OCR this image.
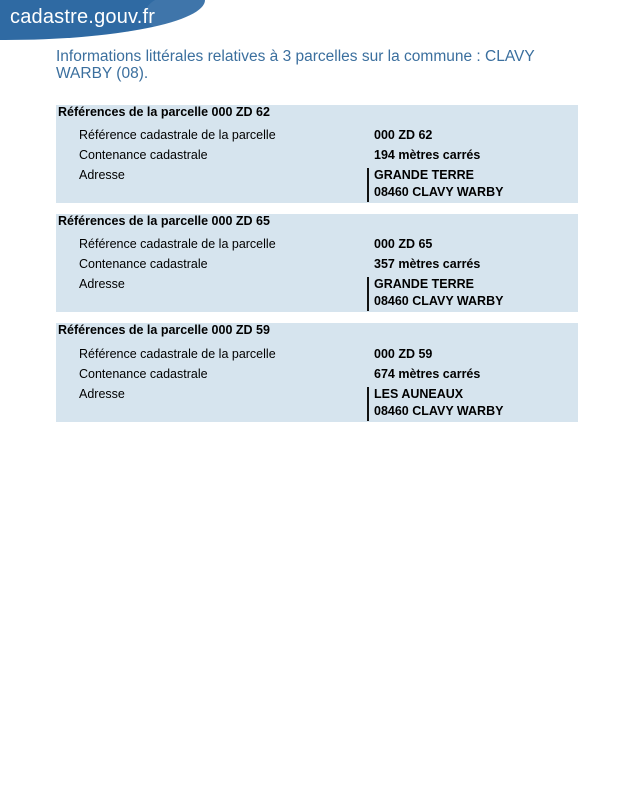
cadastre.gouv.fr
Informations littérales relatives à 3 parcelles sur la commune : CLAVY WARBY (08).
Références de la parcelle 000 ZD 62
Référence cadastrale de la parcelle	000 ZD 62
Contenance cadastrale	194 mètres carrés
Adresse	GRANDE TERRE
08460 CLAVY WARBY
Références de la parcelle 000 ZD 65
Référence cadastrale de la parcelle	000 ZD 65
Contenance cadastrale	357 mètres carrés
Adresse	GRANDE TERRE
08460 CLAVY WARBY
Références de la parcelle 000 ZD 59
Référence cadastrale de la parcelle	000 ZD 59
Contenance cadastrale	674 mètres carrés
Adresse	LES AUNEAUX
08460 CLAVY WARBY
